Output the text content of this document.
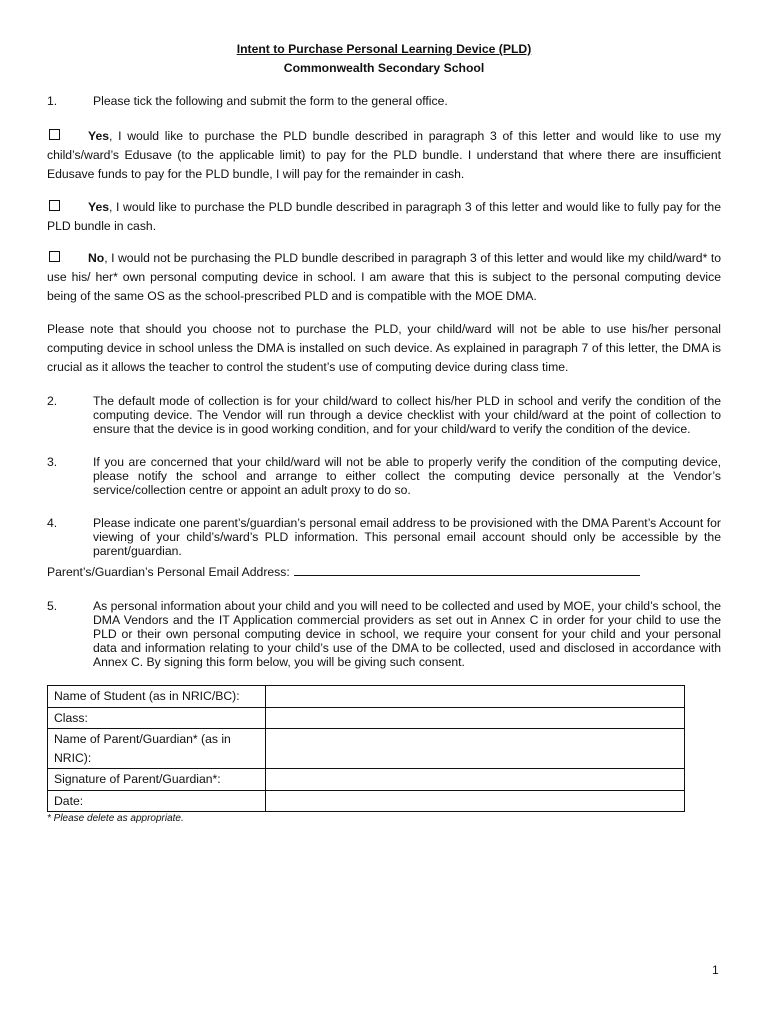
Intent to Purchase Personal Learning Device (PLD)
Commonwealth Secondary School
1.	Please tick the following and submit the form to the general office.

Yes, I would like to purchase the PLD bundle described in paragraph 3 of this letter and would like to use my child’s/ward’s Edusave (to the applicable limit) to pay for the PLD bundle. I understand that where there are insufficient Edusave funds to pay for the PLD bundle, I will pay for the remainder in cash.

Yes, I would like to purchase the PLD bundle described in paragraph 3 of this letter and would like to fully pay for the PLD bundle in cash.

No, I would not be purchasing the PLD bundle described in paragraph 3 of this letter and would like my child/ward* to use his/ her* own personal computing device in school. I am aware that this is subject to the personal computing device being of the same OS as the school-prescribed PLD and is compatible with the MOE DMA.

Please note that should you choose not to purchase the PLD, your child/ward will not be able to use his/her personal computing device in school unless the DMA is installed on such device. As explained in paragraph 7 of this letter, the DMA is crucial as it allows the teacher to control the student’s use of computing device during class time.

2.	The default mode of collection is for your child/ward to collect his/her PLD in school and verify the condition of the computing device. The Vendor will run through a device checklist with your child/ward at the point of collection to ensure that the device is in good working condition, and for your child/ward to verify the condition of the device.
3.	If you are concerned that your child/ward will not be able to properly verify the condition of the computing device, please notify the school and arrange to either collect the computing device personally at the Vendor’s service/collection centre or appoint an adult proxy to do so.
4.	Please indicate one parent’s/guardian’s personal email address to be provisioned with the DMA Parent’s Account for viewing of your child’s/ward’s PLD information. This personal email account should only be accessible by the parent/guardian.

Parent’s/Guardian’s Personal Email Address:

5.	As personal information about your child and you will need to be collected and used by MOE, your child’s school, the DMA Vendors and the IT Application commercial providers as set out in Annex C in order for your child to use the PLD or their own personal computing device in school, we require your consent for your child and your personal data and information relating to your child’s use of the DMA to be collected, used and disclosed in accordance with Annex C. By signing this form below, you will be giving such consent.
Name of Student (as in NRIC/BC):	
Class:	
Name of Parent/Guardian* (as in NRIC):	
Signature of Parent/Guardian*:	
Date:	
* Please delete as appropriate.
1
